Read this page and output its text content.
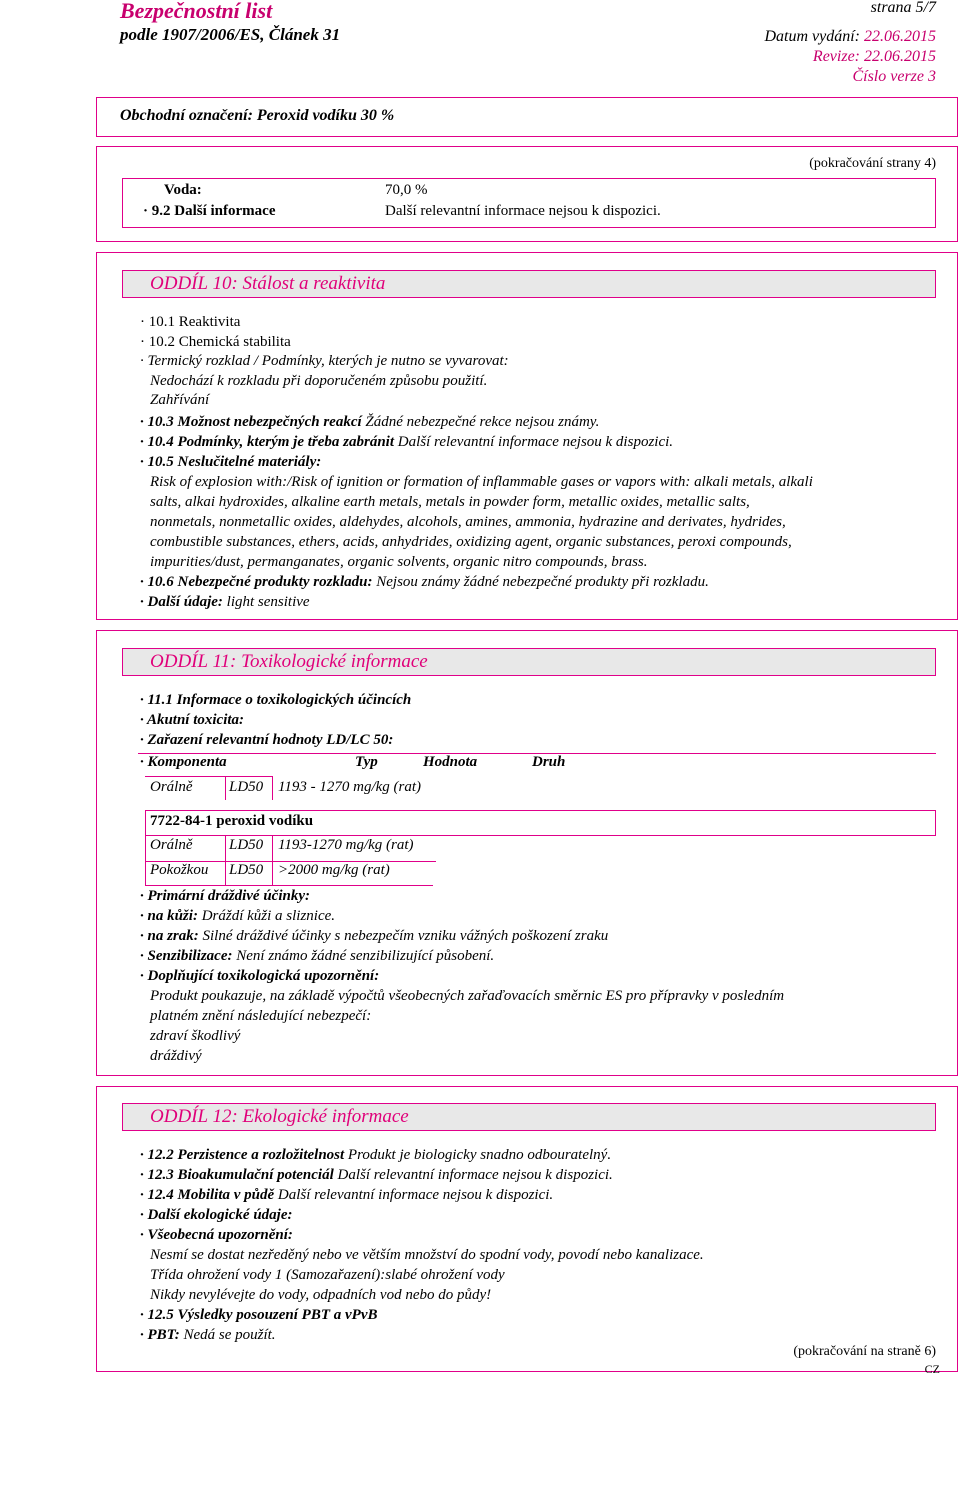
Bezpečnostní list
podle 1907/2006/ES, Článek 31
strana 5/7
Datum vydání: 22.06.2015
Revize: 22.06.2015
Číslo verze 3
Obchodní označení: Peroxid vodíku 30 %
(pokračování strany 4)
Voda:	70,0 %
· 9.2 Další informace	Další relevantní informace nejsou k dispozici.
ODDÍL 10: Stálost a reaktivita
· 10.1 Reaktivita
· 10.2 Chemická stabilita
· Termický rozklad / Podmínky, kterých je nutno se vyvarovat:
Nedochází k rozkladu při doporučeném způsobu použití.
Zahřívání
· 10.3 Možnost nebezpečných reakcí Žádné nebezpečné rekce nejsou známy.
· 10.4 Podmínky, kterým je třeba zabránit Další relevantní informace nejsou k dispozici.
· 10.5 Neslučitelné materiály:
Risk of explosion with:/Risk of ignition or formation of inflammable gases or vapors with: alkali metals, alkali
salts, alkai hydroxides, alkaline earth metals, metals in powder form, metallic oxides, metallic salts,
nonmetals, nonmetallic oxides, aldehydes, alcohols, amines, ammonia, hydrazine and derivates, hydrides,
combustible substances, ethers, acids, anhydrides, oxidizing agent, organic substances, peroxi compounds,
impurities/dust, permanganates, organic solvents, organic nitro compounds, brass.
· 10.6 Nebezpečné produkty rozkladu: Nejsou známy žádné nebezpečné produkty při rozkladu.
· Další údaje: light sensitive
ODDÍL 11: Toxikologické informace
· 11.1 Informace o toxikologických účincích
· Akutní toxicita:
· Zařazení relevantní hodnoty LD/LC 50:
· Komponenta	Typ	Hodnota	Druh
Orálně LD50 1193 - 1270 mg/kg (rat)
7722-84-1 peroxid vodíku
Orálně LD50 1193-1270 mg/kg (rat)
Pokožkou LD50 >2000 mg/kg (rat)
· Primární dráždivé účinky:
· na kůži: Dráždí kůži a sliznice.
· na zrak: Silné dráždivé účinky s nebezpečím vzniku vážných poškození zraku
· Senzibilizace: Není známo žádné senzibilizující působení.
· Doplňující toxikologická upozornění:
Produkt poukazuje, na základě výpočtů všeobecných zařaďovacích směrnic ES pro přípravky v posledním
platném znění následující nebezpečí:
zdraví škodlivý
dráždivý
ODDÍL 12: Ekologické informace
· 12.2 Perzistence a rozložitelnost Produkt je biologicky snadno odbouratelný.
· 12.3 Bioakumulační potenciál Další relevantní informace nejsou k dispozici.
· 12.4 Mobilita v půdě Další relevantní informace nejsou k dispozici.
· Další ekologické údaje:
· Všeobecná upozornění:
Nesmí se dostat nezředěný nebo ve větším množství do spodní vody, povodí nebo kanalizace.
Třída ohrožení vody 1 (Samozařazení):slabé ohrožení vody
Nikdy nevylévejte do vody, odpadních vod nebo do půdy!
· 12.5 Výsledky posouzení PBT a vPvB
· PBT: Nedá se použít.
(pokračování na straně 6)
CZ
